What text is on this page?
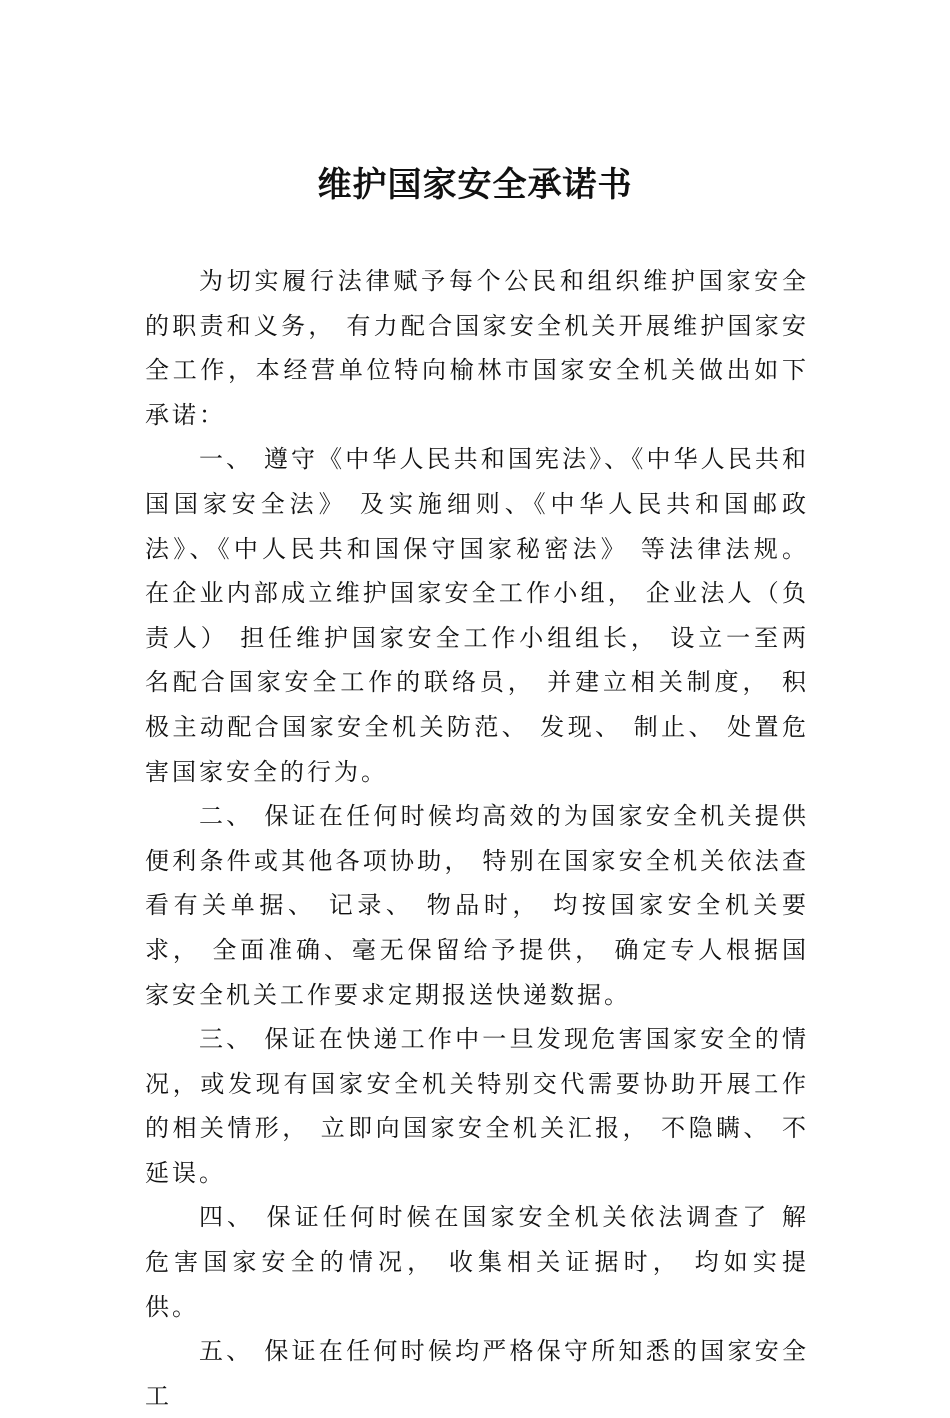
维护国家安全承诺书

为切实履行法律赋予每个公民和组织维护国家安全的职责和义务， 有力配合国家安全机关开展维护国家安全工作，本经营单位特向榆林市国家安全机关做出如下承诺：

一、 遵守《中华人民共和国宪法》、《中华人民共和国国家安全法》 及实施细则、《中华人民共和国邮政法》、《中人民共和国保守国家秘密法》 等法律法规。 在企业内部成立维护国家安全工作小组， 企业法人（负责人） 担任维护国家安全工作小组组长， 设立一至两名配合国家安全工作的联络员， 并建立相关制度， 积极主动配合国家安全机关防范、 发现、 制止、 处置危害国家安全的行为。

二、 保证在任何时候均高效的为国家安全机关提供便利条件或其他各项协助， 特别在国家安全机关依法查看有关单据、 记录、 物品时， 均按国家安全机关要求， 全面准确、毫无保留给予提供， 确定专人根据国家安全机关工作要求定期报送快递数据。

三、 保证在快递工作中一旦发现危害国家安全的情况，或发现有国家安全机关特别交代需要协助开展工作的相关情形， 立即向国家安全机关汇报， 不隐瞒、 不延误。

四、 保证任何时候在国家安全机关依法调查了 解危害国家安全的情况， 收集相关证据时， 均如实提供。

五、 保证在任何时候均严格保守所知悉的国家安全工
